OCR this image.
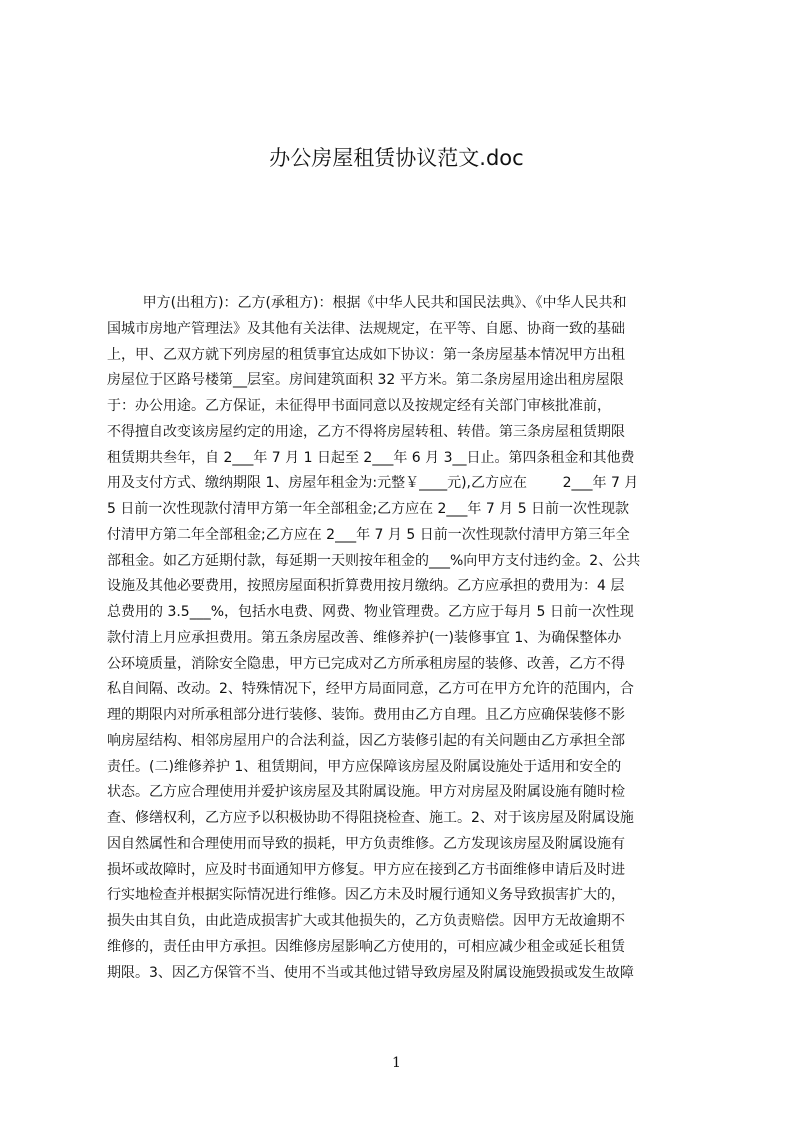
办公房屋租赁协议范文.doc
甲方(出租方)：乙方(承租方)：根据《中华人民共和国民法典》、《中华人民共和
国城市房地产管理法》及其他有关法律、法规规定，在平等、自愿、协商一致的基础
上，甲、乙双方就下列房屋的租赁事宜达成如下协议：第一条房屋基本情况甲方出租
房屋位于区路号楼第__层室。房间建筑面积 32 平方米。第二条房屋用途出租房屋限
于：办公用途。乙方保证，未征得甲书面同意以及按规定经有关部门审核批准前，
不得擅自改变该房屋约定的用途，乙方不得将房屋转租、转借。第三条房屋租赁期限
租赁期共叁年，自 2___年 7 月 1 日起至 2___年 6 月 3__日止。第四条租金和其他费
用及支付方式、缴纳期限 1、房屋年租金为:元整￥____元),乙方应在        2___年 7 月
5 日前一次性现款付清甲方第一年全部租金;乙方应在 2___年 7 月 5 日前一次性现款
付清甲方第二年全部租金;乙方应在 2___年 7 月 5 日前一次性现款付清甲方第三年全
部租金。如乙方延期付款，每延期一天则按年租金的___%向甲方支付违约金。2、公共
设施及其他必要费用，按照房屋面积折算费用按月缴纳。乙方应承担的费用为：4 层
总费用的 3.5___%，包括水电费、网费、物业管理费。乙方应于每月 5 日前一次性现
款付清上月应承担费用。第五条房屋改善、维修养护(一)装修事宜 1、为确保整体办
公环境质量，消除安全隐患，甲方已完成对乙方所承租房屋的装修、改善，乙方不得
私自间隔、改动。2、特殊情况下，经甲方局面同意，乙方可在甲方允许的范围内，合
理的期限内对所承租部分进行装修、装饰。费用由乙方自理。且乙方应确保装修不影
响房屋结构、相邻房屋用户的合法利益，因乙方装修引起的有关问题由乙方承担全部
责任。(二)维修养护 1、租赁期间，甲方应保障该房屋及附属设施处于适用和安全的
状态。乙方应合理使用并爱护该房屋及其附属设施。甲方对房屋及附属设施有随时检
查、修缮权利，乙方应予以积极协助不得阻挠检查、施工。2、对于该房屋及附属设施
因自然属性和合理使用而导致的损耗，甲方负责维修。乙方发现该房屋及附属设施有
损坏或故障时，应及时书面通知甲方修复。甲方应在接到乙方书面维修申请后及时进
行实地检查并根据实际情况进行维修。因乙方未及时履行通知义务导致损害扩大的，
损失由其自负，由此造成损害扩大或其他损失的，乙方负责赔偿。因甲方无故逾期不
维修的，责任由甲方承担。因维修房屋影响乙方使用的，可相应减少租金或延长租赁
期限。3、因乙方保管不当、使用不当或其他过错导致房屋及附属设施毁损或发生故障
1
